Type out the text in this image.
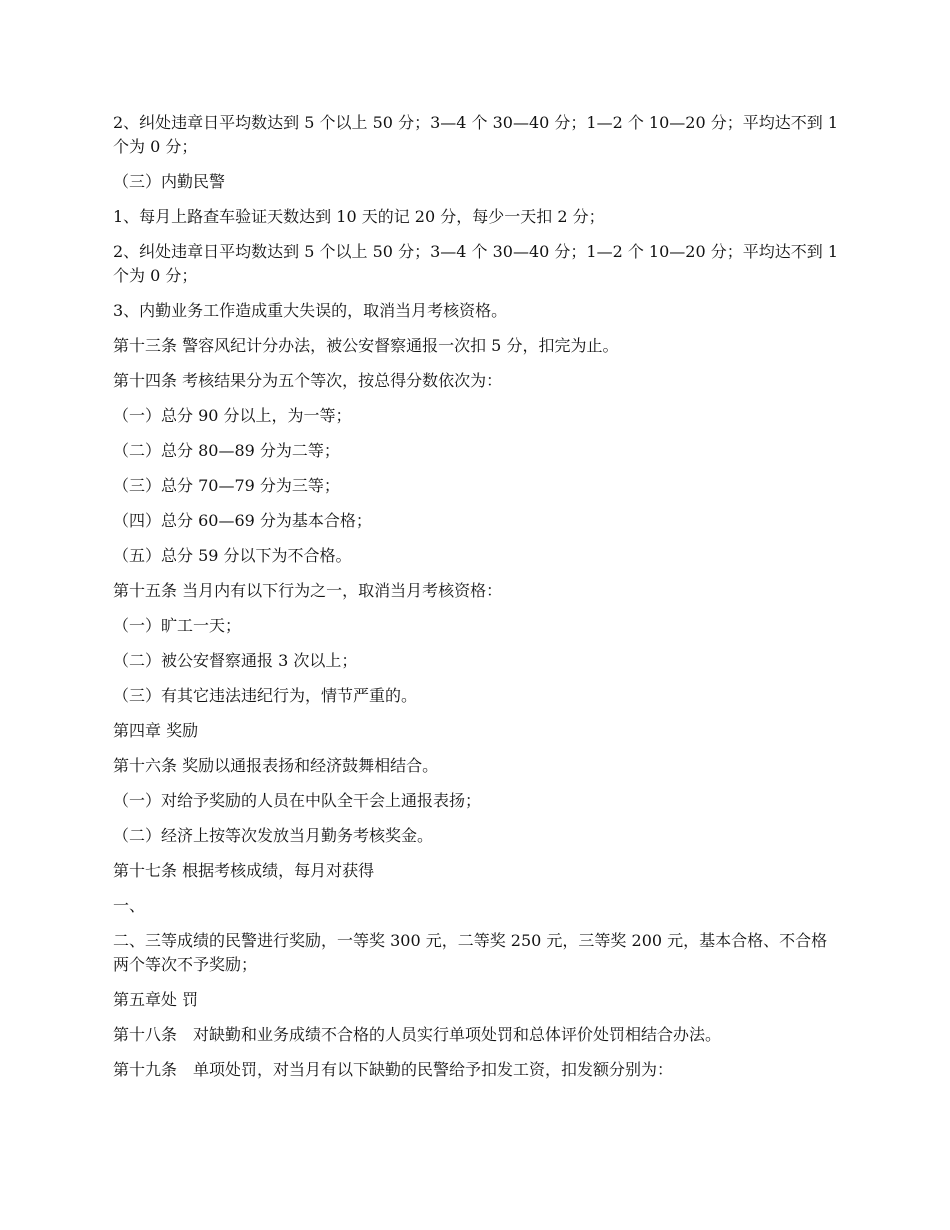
2、纠处违章日平均数达到 5 个以上 50 分；3—4 个 30—40 分；1—2 个 10—20 分；平均达不到 1 个为 0 分；

（三）内勤民警

1、每月上路查车验证天数达到 10 天的记 20 分，每少一天扣 2 分；

2、纠处违章日平均数达到 5 个以上 50 分；3—4 个 30—40 分；1—2 个 10—20 分；平均达不到 1 个为 0 分；

3、内勤业务工作造成重大失误的，取消当月考核资格。

第十三条 警容风纪计分办法，被公安督察通报一次扣 5 分，扣完为止。

第十四条 考核结果分为五个等次，按总得分数依次为：

（一）总分 90 分以上，为一等；

（二）总分 80—89 分为二等；

（三）总分 70—79 分为三等；

（四）总分 60—69 分为基本合格；

（五）总分 59 分以下为不合格。

第十五条 当月内有以下行为之一，取消当月考核资格：

（一）旷工一天；

（二）被公安督察通报 3 次以上；

（三）有其它违法违纪行为，情节严重的。

第四章 奖励

第十六条 奖励以通报表扬和经济鼓舞相结合。

（一）对给予奖励的人员在中队全干会上通报表扬；

（二）经济上按等次发放当月勤务考核奖金。

第十七条 根据考核成绩，每月对获得

一、

二、三等成绩的民警进行奖励，一等奖 300 元，二等奖 250 元，三等奖 200 元，基本合格、不合格两个等次不予奖励；

第五章处 罚

第十八条　对缺勤和业务成绩不合格的人员实行单项处罚和总体评价处罚相结合办法。

第十九条　单项处罚，对当月有以下缺勤的民警给予扣发工资，扣发额分别为：
